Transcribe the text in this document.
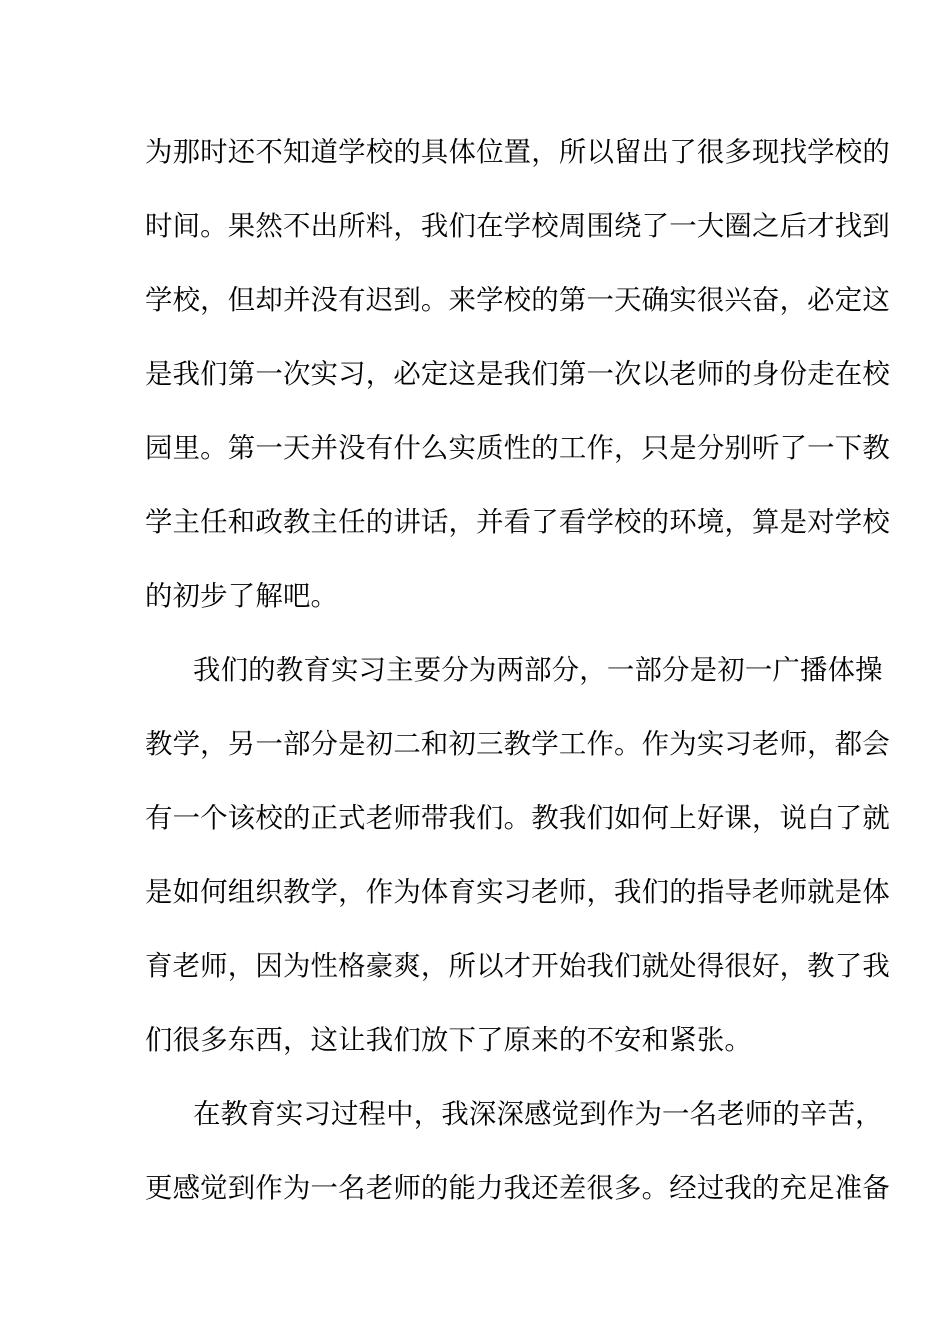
为那时还不知道学校的具体位置，所以留出了很多现找学校的
时间。果然不出所料，我们在学校周围绕了一大圈之后才找到
学校，但却并没有迟到。来学校的第一天确实很兴奋，必定这
是我们第一次实习，必定这是我们第一次以老师的身份走在校
园里。第一天并没有什么实质性的工作，只是分别听了一下教
学主任和政教主任的讲话，并看了看学校的环境，算是对学校
的初步了解吧。
我们的教育实习主要分为两部分，一部分是初一广播体操
教学，另一部分是初二和初三教学工作。作为实习老师，都会
有一个该校的正式老师带我们。教我们如何上好课，说白了就
是如何组织教学，作为体育实习老师，我们的指导老师就是体
育老师，因为性格豪爽，所以才开始我们就处得很好，教了我
们很多东西，这让我们放下了原来的不安和紧张。
在教育实习过程中，我深深感觉到作为一名老师的辛苦，
更感觉到作为一名老师的能力我还差很多。经过我的充足准备
